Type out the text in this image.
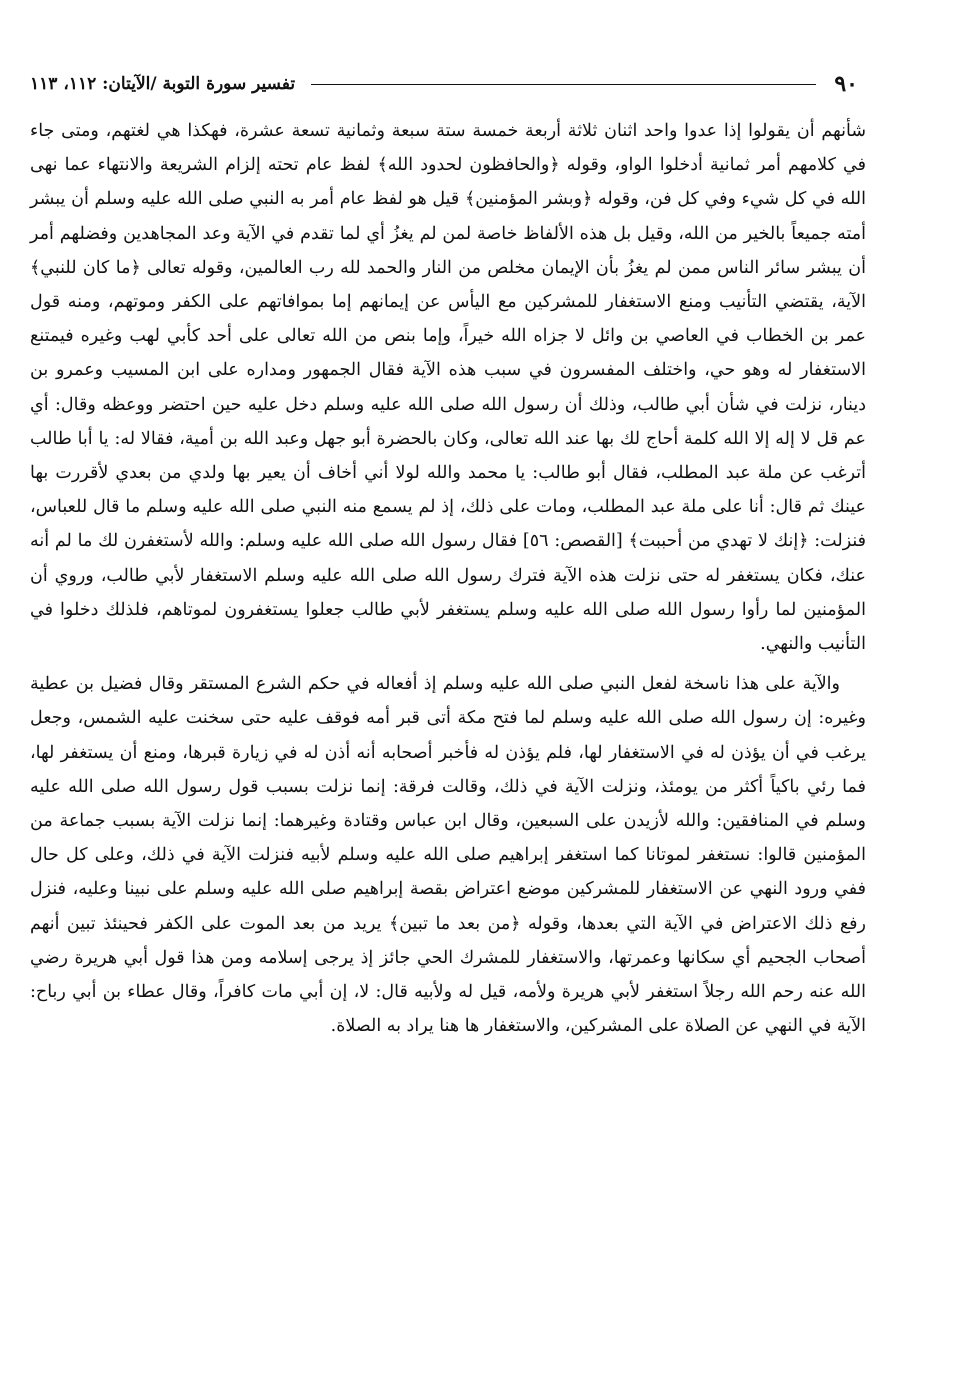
٩٠
تفسير سورة التوبة /الآيتان: ١١٢، ١١٣

شأنهم أن يقولوا إذا عدوا واحد اثنان ثلاثة أربعة خمسة ستة سبعة وثمانية تسعة عشرة، فهكذا هي لغتهم، ومتى جاء في كلامهم أمر ثمانية أدخلوا الواو، وقوله ﴿والحافظون لحدود الله﴾ لفظ عام تحته إلزام الشريعة والانتهاء عما نهى الله في كل شيء وفي كل فن، وقوله ﴿وبشر المؤمنين﴾ قيل هو لفظ عام أمر به النبي صلى الله عليه وسلم أن يبشر أمته جميعاً بالخير من الله، وقيل بل هذه الألفاظ خاصة لمن لم يغزُ أي لما تقدم في الآية وعد المجاهدين وفضلهم أمر أن يبشر سائر الناس ممن لم يغزُ بأن الإيمان مخلص من النار والحمد لله رب العالمين، وقوله تعالى ﴿ما كان للنبي﴾ الآية، يقتضي التأنيب ومنع الاستغفار للمشركين مع اليأس عن إيمانهم إما بموافاتهم على الكفر وموتهم، ومنه قول عمر بن الخطاب في العاصي بن وائل لا جزاه الله خيراً، وإما بنص من الله تعالى على أحد كأبي لهب وغيره فيمتنع الاستغفار له وهو حي، واختلف المفسرون في سبب هذه الآية فقال الجمهور ومداره على ابن المسيب وعمرو بن دينار، نزلت في شأن أبي طالب، وذلك أن رسول الله صلى الله عليه وسلم دخل عليه حين احتضر ووعظه وقال: أي عم قل لا إله إلا الله كلمة أحاج لك بها عند الله تعالى، وكان بالحضرة أبو جهل وعبد الله بن أمية، فقالا له: يا أبا طالب أترغب عن ملة عبد المطلب، فقال أبو طالب: يا محمد والله لولا أني أخاف أن يعير بها ولدي من بعدي لأقررت بها عينك ثم قال: أنا على ملة عبد المطلب، ومات على ذلك، إذ لم يسمع منه النبي صلى الله عليه وسلم ما قال للعباس، فنزلت: ﴿إنك لا تهدي من أحببت﴾ [القصص: ٥٦] فقال رسول الله صلى الله عليه وسلم: والله لأستغفرن لك ما لم أنه عنك، فكان يستغفر له حتى نزلت هذه الآية فترك رسول الله صلى الله عليه وسلم الاستغفار لأبي طالب، وروي أن المؤمنين لما رأوا رسول الله صلى الله عليه وسلم يستغفر لأبي طالب جعلوا يستغفرون لموتاهم، فلذلك دخلوا في التأنيب والنهي.

والآية على هذا ناسخة لفعل النبي صلى الله عليه وسلم إذ أفعاله في حكم الشرع المستقر وقال فضيل بن عطية وغيره: إن رسول الله صلى الله عليه وسلم لما فتح مكة أتى قبر أمه فوقف عليه حتى سخنت عليه الشمس، وجعل يرغب في أن يؤذن له في الاستغفار لها، فلم يؤذن له فأخبر أصحابه أنه أذن له في زيارة قبرها، ومنع أن يستغفر لها، فما رئي باكياً أكثر من يومئذ، ونزلت الآية في ذلك، وقالت فرقة: إنما نزلت بسبب قول رسول الله صلى الله عليه وسلم في المنافقين: والله لأزيدن على السبعين، وقال ابن عباس وقتادة وغيرهما: إنما نزلت الآية بسبب جماعة من المؤمنين قالوا: نستغفر لموتانا كما استغفر إبراهيم صلى الله عليه وسلم لأبيه فنزلت الآية في ذلك، وعلى كل حال ففي ورود النهي عن الاستغفار للمشركين موضع اعتراض بقصة إبراهيم صلى الله عليه وسلم على نبينا وعليه، فنزل رفع ذلك الاعتراض في الآية التي بعدها، وقوله ﴿من بعد ما تبين﴾ يريد من بعد الموت على الكفر فحينئذ تبين أنهم أصحاب الجحيم أي سكانها وعمرتها، والاستغفار للمشرك الحي جائز إذ يرجى إسلامه ومن هذا قول أبي هريرة رضي الله عنه رحم الله رجلاً استغفر لأبي هريرة ولأمه، قيل له ولأبيه قال: لا، إن أبي مات كافراً، وقال عطاء بن أبي رباح: الآية في النهي عن الصلاة على المشركين، والاستغفار ها هنا يراد به الصلاة.
